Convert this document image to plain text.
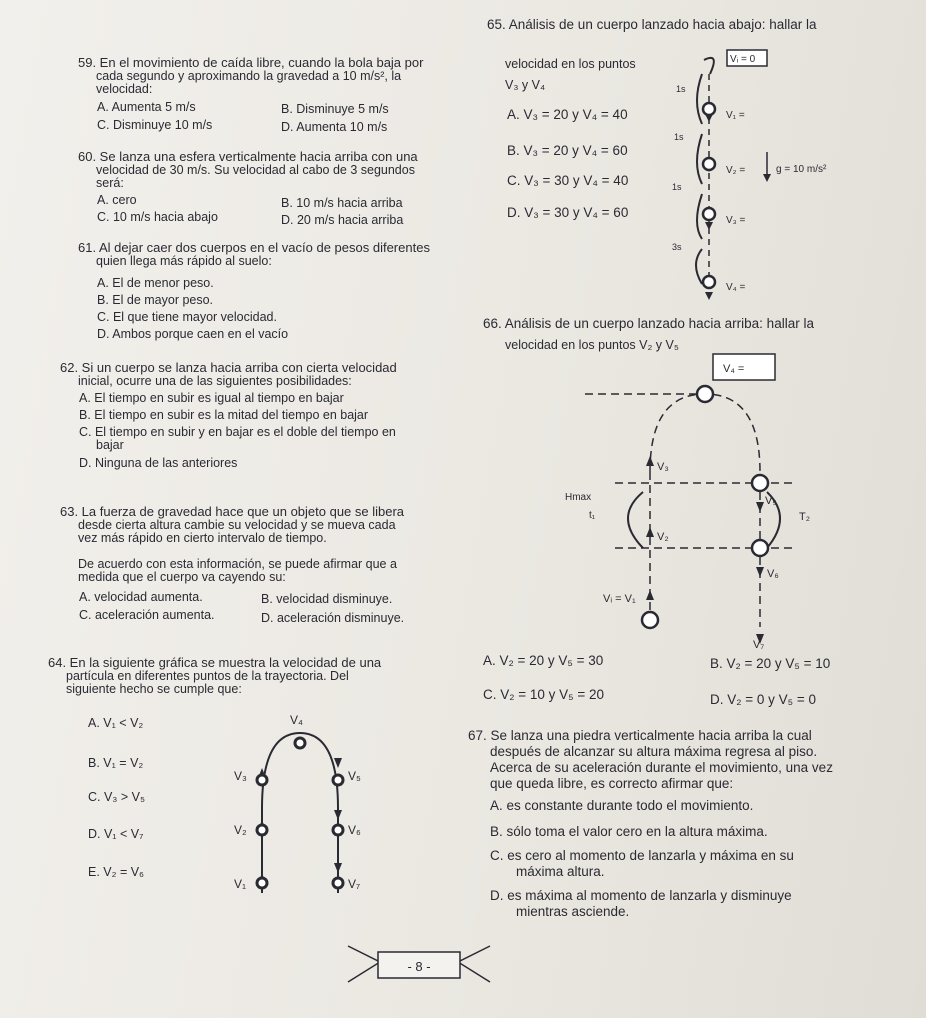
59. En el movimiento de caída libre, cuando la bola baja por
cada segundo y aproximando la gravedad a 10 m/s², la
velocidad:
A. Aumenta 5 m/s	B. Disminuye 5 m/s
C. Disminuye 10 m/s	D. Aumenta 10 m/s
60. Se lanza una esfera verticalmente hacia arriba con una
velocidad de 30 m/s. Su velocidad al cabo de 3 segundos
será:
A. cero	B. 10 m/s hacia arriba
C. 10 m/s hacia abajo	D. 20 m/s hacia arriba
61. Al dejar caer dos cuerpos en el vacío de pesos diferentes
quien llega más rápido al suelo:
A. El de menor peso.
B. El de mayor peso.
C. El que tiene mayor velocidad.
D. Ambos porque caen en el vacío
62. Si un cuerpo se lanza hacia arriba con cierta velocidad
inicial, ocurre una de las siguientes posibilidades:
A. El tiempo en subir es igual al tiempo en bajar
B. El tiempo en subir es la mitad del tiempo en bajar
C. El tiempo en subir y en bajar es el doble del tiempo en
bajar
D. Ninguna de las anteriores
63. La fuerza de gravedad hace que un objeto que se libera
desde cierta altura cambie su velocidad y se mueva cada
vez más rápido en cierto intervalo de tiempo.
De acuerdo con esta información, se puede afirmar que a
medida que el cuerpo va cayendo su:
A. velocidad aumenta.	B. velocidad disminuye.
C. aceleración aumenta.	D. aceleración disminuye.
64. En la siguiente gráfica se muestra la velocidad de una
partícula en diferentes puntos de la trayectoria. Del
siguiente hecho se cumple que:
A. V₁ < V₂
B. V₁ = V₂
C. V₃ > V₅
D. V₁ < V₇
E. V₂ = V₆
V₄
V₃	V₅
V₂	V₆
V₁	V₇
65. Análisis de un cuerpo lanzado hacia abajo: hallar la
velocidad en los puntos
V₃ y V₄
A. V₃ = 20 y V₄ = 40
B. V₃ = 20 y V₄ = 60
C. V₃ = 30 y V₄ = 40
D. V₃ = 30 y V₄ = 60
Vᵢ = 0
V₁ =
V₂ =
V₃ =
V₄ =
g = 10 m/s²
1s
1s
1s
3s
66. Análisis de un cuerpo lanzado hacia arriba: hallar la
velocidad en los puntos V₂ y V₅
V₄ =
V₃
V₅
T₂
Hmax
t₁
V₂
V₆
Vᵢ = V₁
V₇
A. V₂ = 20 y V₅ = 30	B. V₂ = 20 y V₅ = 10
C. V₂ = 10 y V₅ = 20	D. V₂ = 0 y V₅ = 0
67. Se lanza una piedra verticalmente hacia arriba la cual
después de alcanzar su altura máxima regresa al piso.
Acerca de su aceleración durante el movimiento, una vez
que queda libre, es correcto afirmar que:
A. es constante durante todo el movimiento.
B. sólo toma el valor cero en la altura máxima.
C. es cero al momento de lanzarla y máxima en su
máxima altura.
D. es máxima al momento de lanzarla y disminuye
mientras asciende.
- 8 -
